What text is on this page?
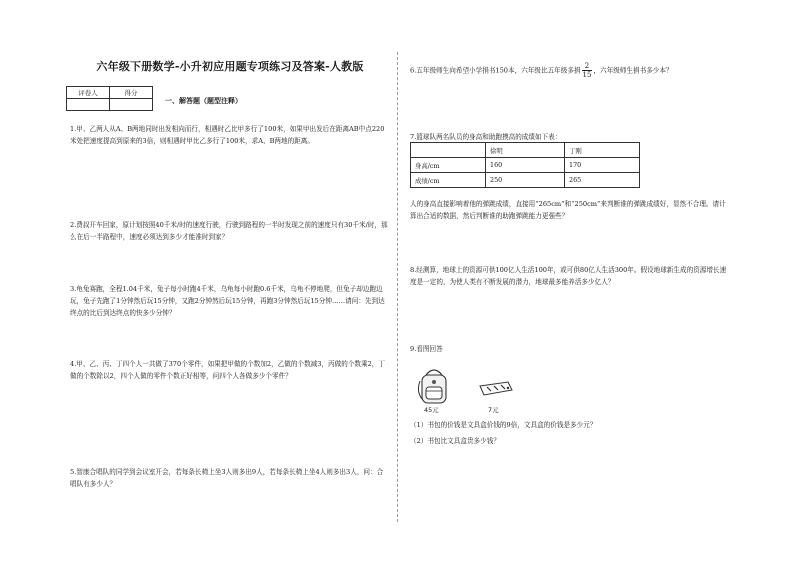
六年级下册数学-小升初应用题专项练习及答案-人教版
评卷人	得分

一、解答题（题型注释）

1.甲、乙两人从A、B两地同时出发相向而行，相遇时乙比甲多行了100米，如果甲出发后在距离AB中点220米处把速度提高到原来的3倍，则相遇时甲比乙多行了100米，求A、B两地的距离。

2.费叔开车回家，原计划按照40千米/时的速度行驶，行驶到路程的一半时发现之前的速度只有30千米/时，那么在后一半路程中，速度必须达到多少才能准时到家？

3.龟兔赛跑，全程1.04千米，兔子每小时跑4千米，乌龟每小时跑0.6千米，乌龟不停地爬，但兔子却边跑边玩，兔子先跑了1分钟然后玩15分钟，又跑2分钟然后玩15分钟，再跑3分钟然后玩15分钟……请问：先到达终点的比后到达终点的快多少分钟？

4.甲、乙、丙、丁四个人一共做了370个零件，如果把甲做的个数加2，乙做的个数减3，丙做的个数乘2，丁做的个数除以2，四个人做的零件个数正好相等，问四个人各做多少个零件？

5.智康合唱队的同学到会议室开会，若每条长椅上坐3人则多出9人，若每条长椅上坐4人则多出3人，问：合唱队有多少人？

6.五年级师生向希望小学捐书150本，六年级比五年级多捐 $\frac{2}{15}$ ，六年级师生捐书多少本？

7.篮球队两名队员的身高和助跑摸高的成绩如下表：

	徐明	丁刚
身高/cm	160	170
成绩/cm	250	265

人的身高直接影响着他的弹跳成绩，直接用“265cm”和“250cm”来判断谁的弹跳成绩好，显然不合理。请计算出合适的数据，然后判断谁的助跑弹跳能力更强些？

8.经测算，地球上的资源可供100亿人生活100年，或可供80亿人生活300年。假设地球新生成的资源增长速度是一定的，为使人类有不断发展的潜力，地球最多能养活多少亿人？

9.看图回答

45元	7元

（1）书包的价钱是文具盒价钱的9倍，文具盒的价钱是多少元？

（2）书包比文具盒贵多少钱？
